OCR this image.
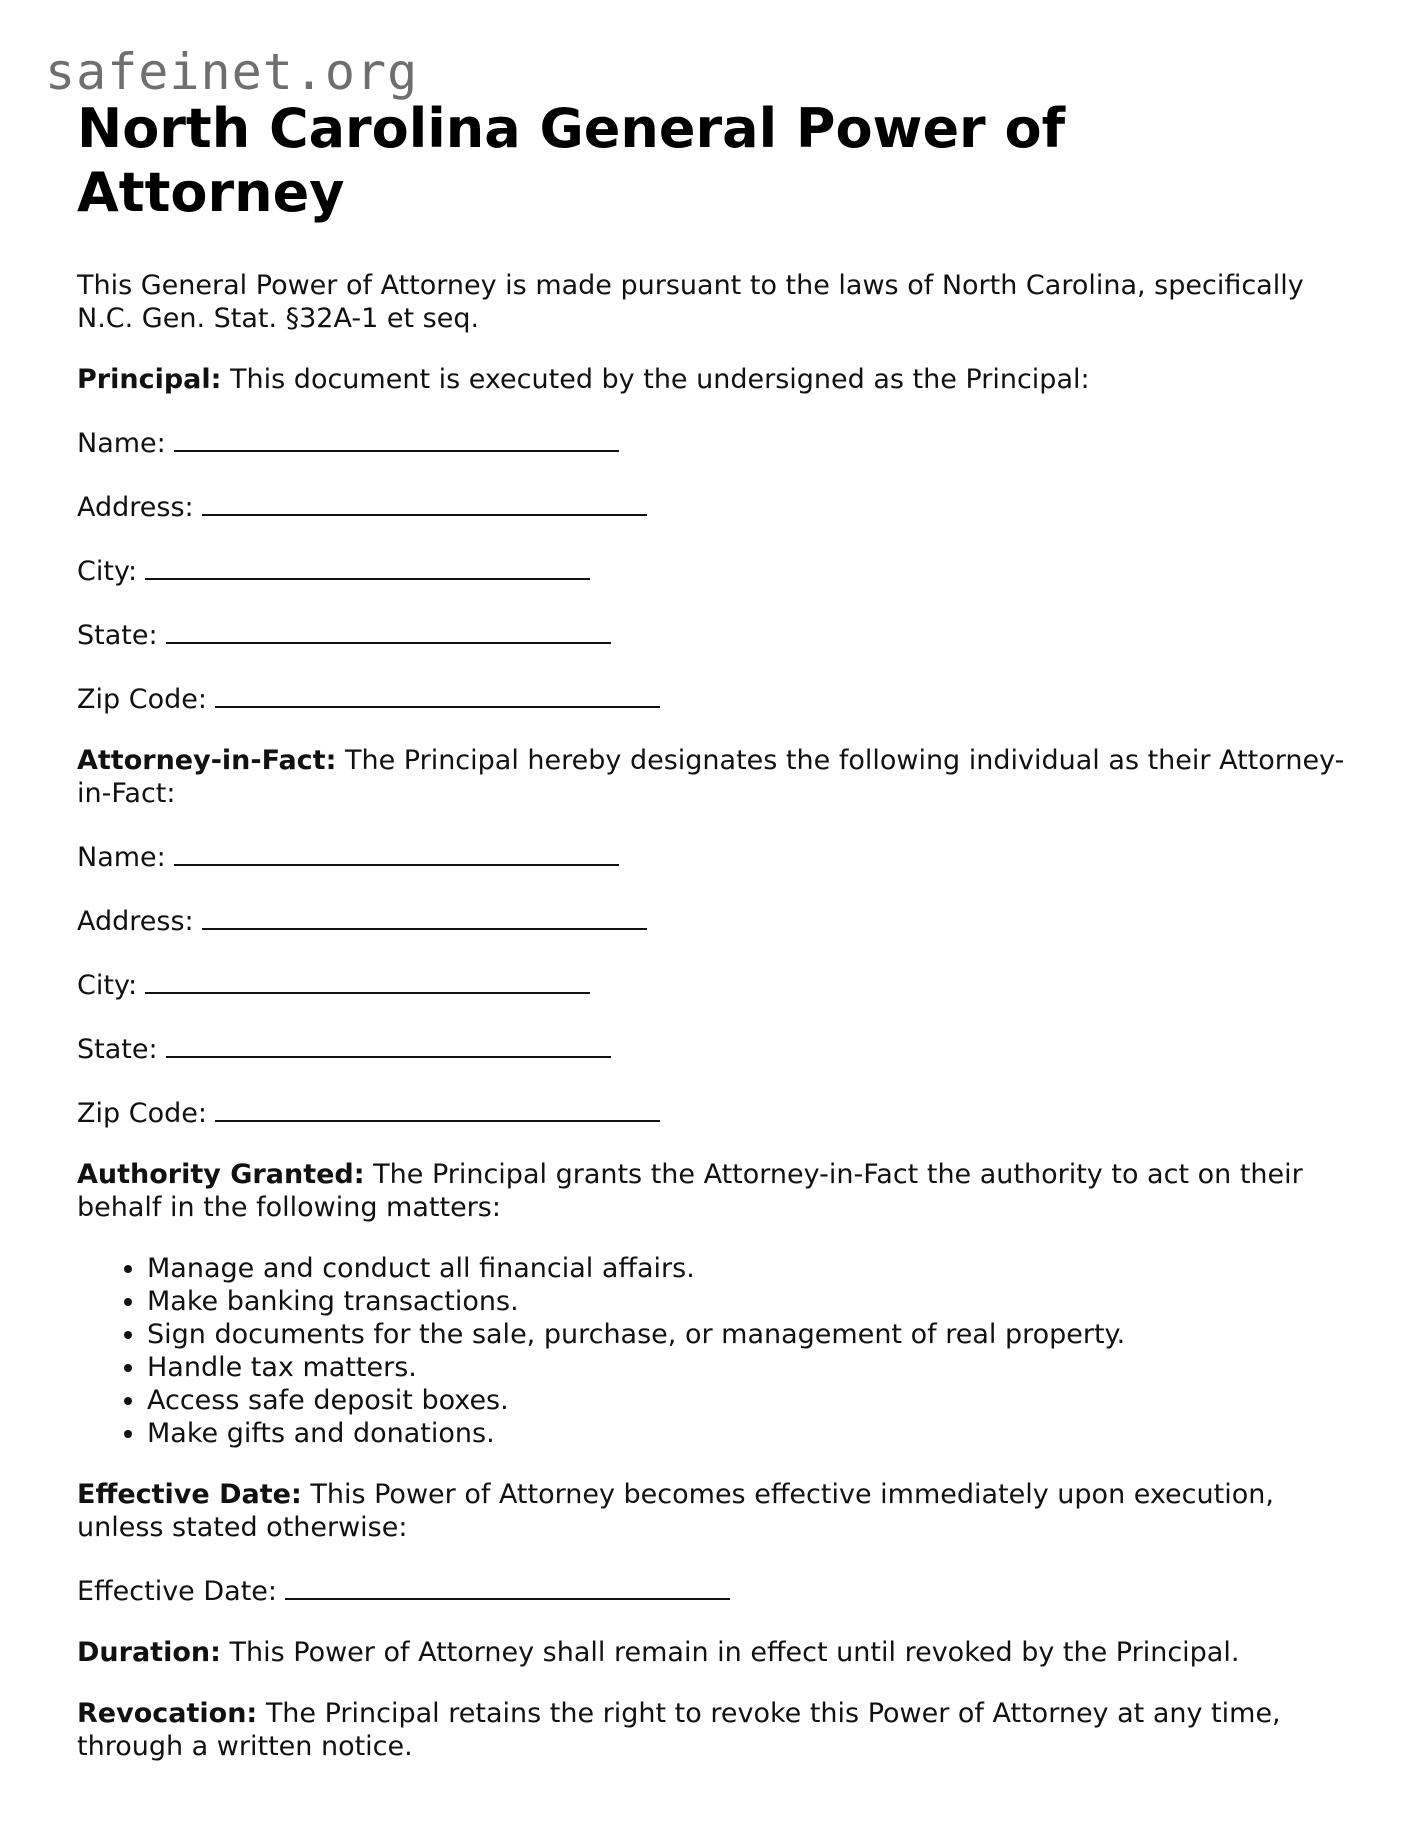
safeinet.org
North Carolina General Power of Attorney

This General Power of Attorney is made pursuant to the laws of North Carolina, specifically N.C. Gen. Stat. §32A-1 et seq.

Principal: This document is executed by the undersigned as the Principal:

Name:

Address:

City:

State:

Zip Code:

Attorney-in-Fact: The Principal hereby designates the following individual as their Attorney-in-Fact:

Name:

Address:

City:

State:

Zip Code:

Authority Granted: The Principal grants the Attorney-in-Fact the authority to act on their behalf in the following matters:

• Manage and conduct all financial affairs.
• Make banking transactions.
• Sign documents for the sale, purchase, or management of real property.
• Handle tax matters.
• Access safe deposit boxes.
• Make gifts and donations.

Effective Date: This Power of Attorney becomes effective immediately upon execution, unless stated otherwise:

Effective Date:

Duration: This Power of Attorney shall remain in effect until revoked by the Principal.

Revocation: The Principal retains the right to revoke this Power of Attorney at any time, through a written notice.
